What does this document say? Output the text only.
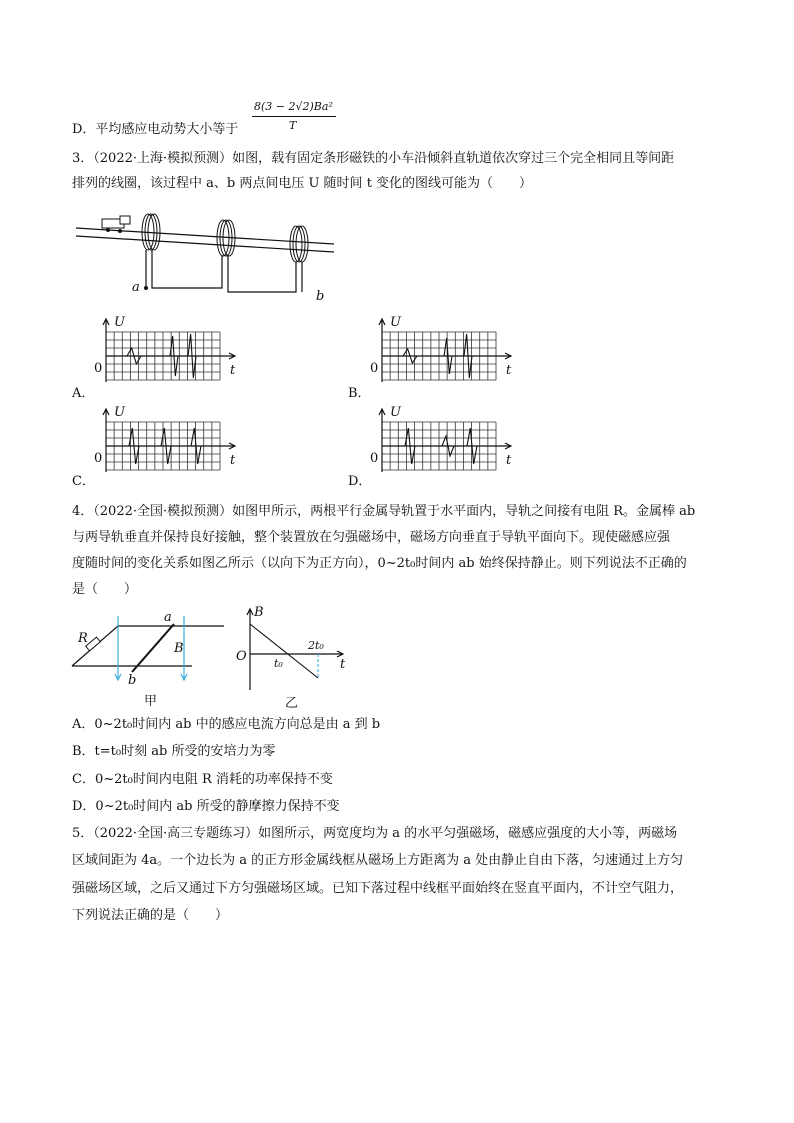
D．平均感应电动势大小等于
8(3 − 2√2)Ba²
T
3．（2022·上海·模拟预测）如图，载有固定条形磁铁的小车沿倾斜直轨道依次穿过三个完全相同且等间距
排列的线圈，该过程中 a、b 两点间电压 U 随时间 t 变化的图线可能为（　　）
a
b
A．	B．
C．	D．
U
t
0
U
t
0
U
t
0
U
t
0
4．（2022·全国·模拟预测）如图甲所示，两根平行金属导轨置于水平面内，导轨之间接有电阻 R。金属棒 ab
与两导轨垂直并保持良好接触，整个装置放在匀强磁场中，磁场方向垂直于导轨平面向下。现使磁感应强
度随时间的变化关系如图乙所示（以向下为正方向），0~2t₀时间内 ab 始终保持静止。则下列说法不正确的
是（　　）
R
a
b
B
甲
B
O
t
t₀
2t₀
乙
A．0~2t₀时间内 ab 中的感应电流方向总是由 a 到 b
B．t=t₀时刻 ab 所受的安培力为零
C．0~2t₀时间内电阻 R 消耗的功率保持不变
D．0~2t₀时间内 ab 所受的静摩擦力保持不变
5．（2022·全国·高三专题练习）如图所示，两宽度均为 a 的水平匀强磁场，磁感应强度的大小等，两磁场
区域间距为 4a。一个边长为 a 的正方形金属线框从磁场上方距离为 a 处由静止自由下落，匀速通过上方匀
强磁场区域，之后又通过下方匀强磁场区域。已知下落过程中线框平面始终在竖直平面内，不计空气阻力，
下列说法正确的是（　　）
